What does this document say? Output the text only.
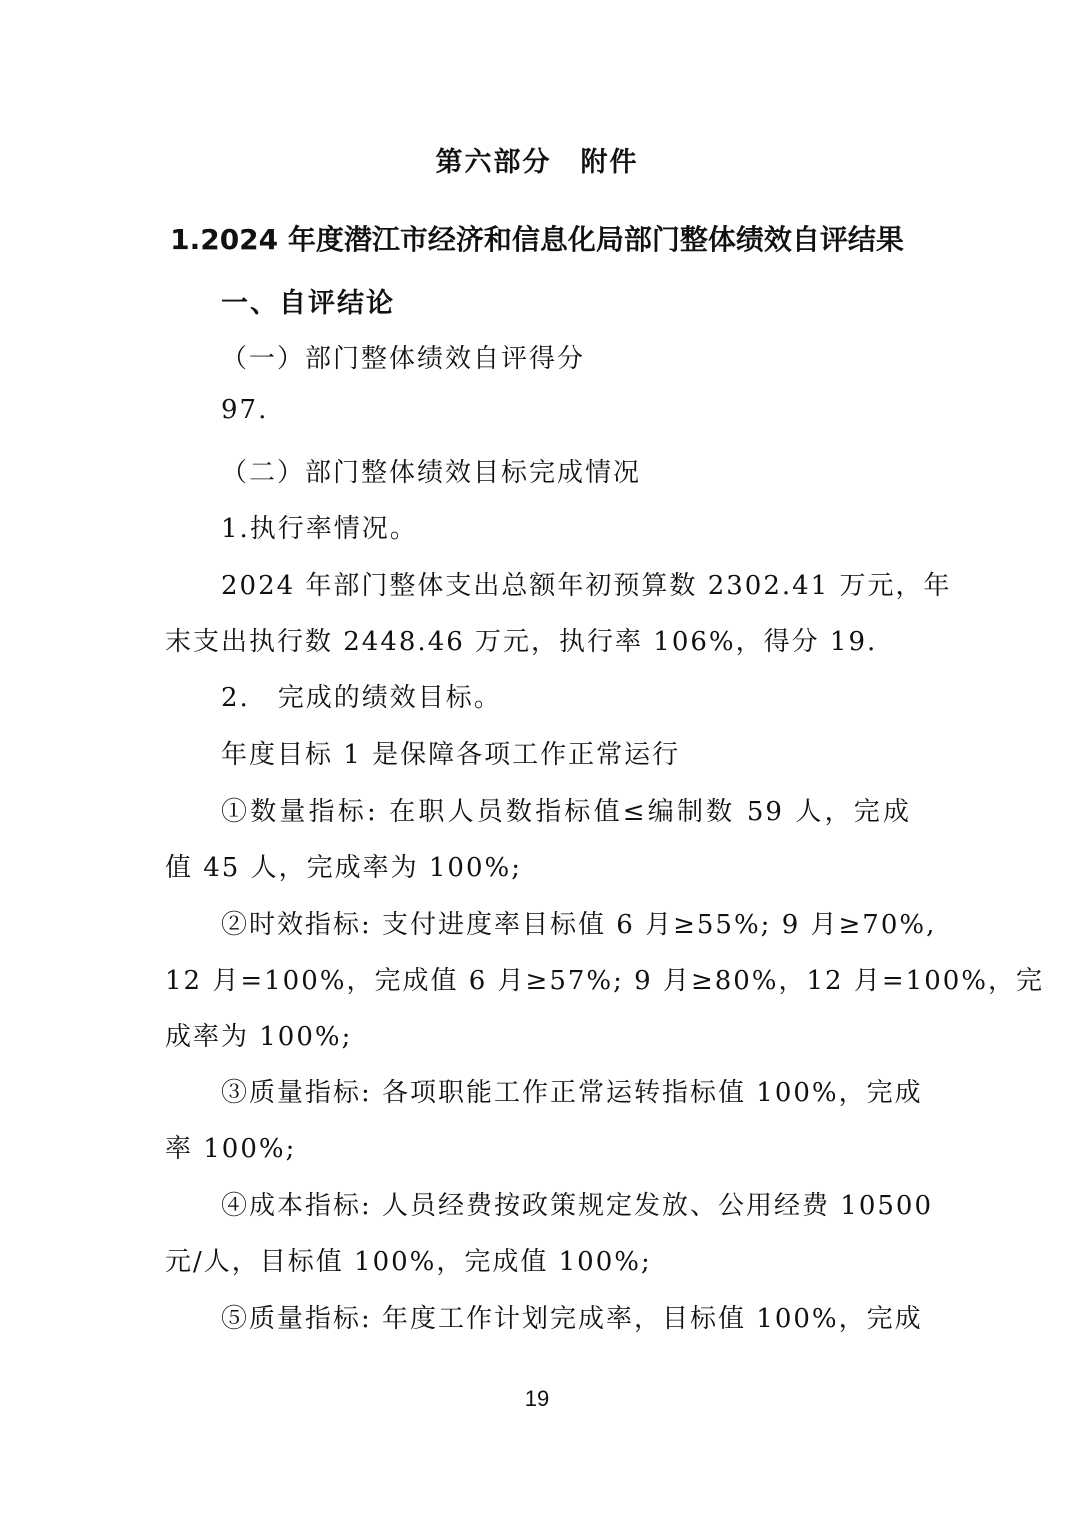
第六部分　附件
1.2024 年度潜江市经济和信息化局部门整体绩效自评结果
一、自评结论
（一）部门整体绩效自评得分
97.
（二）部门整体绩效目标完成情况
1.执行率情况。
2024 年部门整体支出总额年初预算数 2302.41 万元，年
末支出执行数 2448.46 万元，执行率 106%，得分 19.
2.　完成的绩效目标。
年度目标 1 是保障各项工作正常运行
①数量指标: 在职人员数指标值≤编制数 59 人，完成
值 45 人，完成率为 100%;
②时效指标: 支付进度率目标值 6 月≥55%; 9 月≥70%,
12 月=100%，完成值 6 月≥57%; 9 月≥80%，12 月=100%，完
成率为 100%;
③质量指标: 各项职能工作正常运转指标值 100%，完成
率 100%;
④成本指标: 人员经费按政策规定发放、公用经费 10500
元/人，目标值 100%，完成值 100%;
⑤质量指标: 年度工作计划完成率，目标值 100%，完成
19
